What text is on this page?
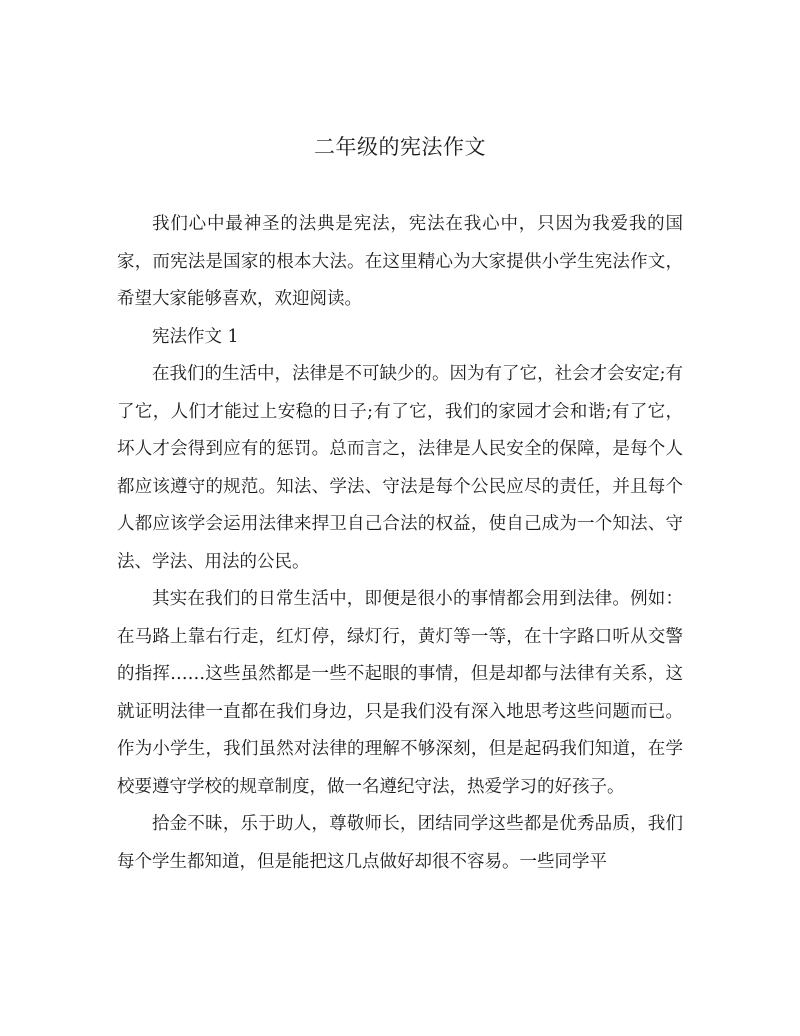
二年级的宪法作文

我们心中最神圣的法典是宪法，宪法在我心中，只因为我爱我的国家，而宪法是国家的根本大法。在这里精心为大家提供小学生宪法作文，希望大家能够喜欢，欢迎阅读。

宪法作文 1

在我们的生活中，法律是不可缺少的。因为有了它，社会才会安定;有了它，人们才能过上安稳的日子;有了它，我们的家园才会和谐;有了它，坏人才会得到应有的惩罚。总而言之，法律是人民安全的保障，是每个人都应该遵守的规范。知法、学法、守法是每个公民应尽的责任，并且每个人都应该学会运用法律来捍卫自己合法的权益，使自己成为一个知法、守法、学法、用法的公民。

其实在我们的日常生活中，即便是很小的事情都会用到法律。例如：在马路上靠右行走，红灯停，绿灯行，黄灯等一等，在十字路口听从交警的指挥……这些虽然都是一些不起眼的事情，但是却都与法律有关系，这就证明法律一直都在我们身边，只是我们没有深入地思考这些问题而已。作为小学生，我们虽然对法律的理解不够深刻，但是起码我们知道，在学校要遵守学校的规章制度，做一名遵纪守法，热爱学习的好孩子。

拾金不昧，乐于助人，尊敬师长，团结同学这些都是优秀品质，我们每个学生都知道，但是能把这几点做好却很不容易。一些同学平
